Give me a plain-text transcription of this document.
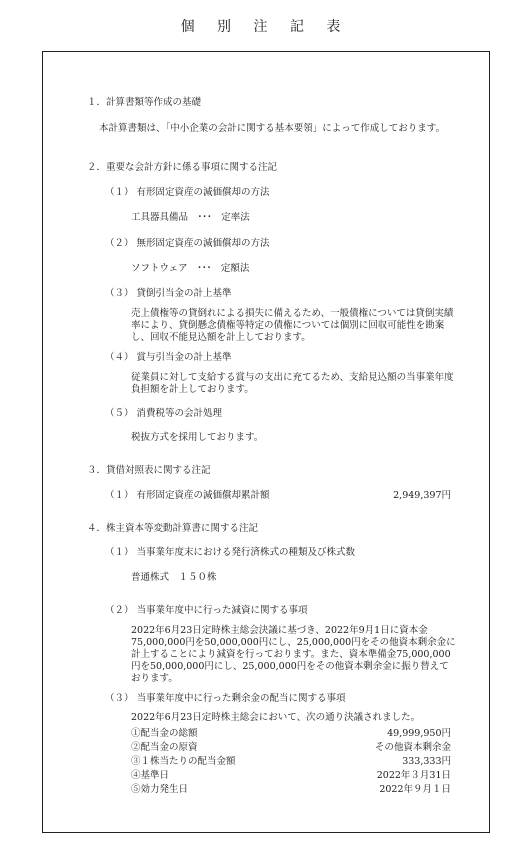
個 別 注 記 表
１．計算書類等作成の基礎
本計算書類は、「中小企業の会計に関する基本要領」によって作成しております。
２．重要な会計方針に係る事項に関する注記
（１） 有形固定資産の減価償却の方法
工具器具備品　･･･　定率法
（２） 無形固定資産の減価償却の方法
ソフトウェア　･･･　定額法
（３） 貸倒引当金の計上基準
売上債権等の貸倒れによる損失に備えるため、一般債権については貸倒実績率により、貸倒懸念債権等特定の債権については個別に回収可能性を勘案し、回収不能見込額を計上しております。
（４） 賞与引当金の計上基準
従業員に対して支給する賞与の支出に充てるため、支給見込額の当事業年度負担額を計上しております。
（５） 消費税等の会計処理
税抜方式を採用しております。
３．貸借対照表に関する注記
（１） 有形固定資産の減価償却累計額	2,949,397円
４．株主資本等変動計算書に関する注記
（１） 当事業年度末における発行済株式の種類及び株式数
普通株式　１５０株
（２） 当事業年度中に行った減資に関する事項
2022年6月23日定時株主総会決議に基づき、2022年9月1日に資本金75,000,000円を50,000,000円にし、25,000,000円をその他資本剰余金に計上することにより減資を行っております。また、資本準備金75,000,000円を50,000,000円にし、25,000,000円をその他資本剰余金に振り替えております。
（３） 当事業年度中に行った剰余金の配当に関する事項
2022年6月23日定時株主総会において、次の通り決議されました。
①配当金の総額	49,999,950円
②配当金の原資	その他資本剰余金
③１株当たりの配当金額	333,333円
④基準日	2022年３月31日
⑤効力発生日	2022年９月１日
